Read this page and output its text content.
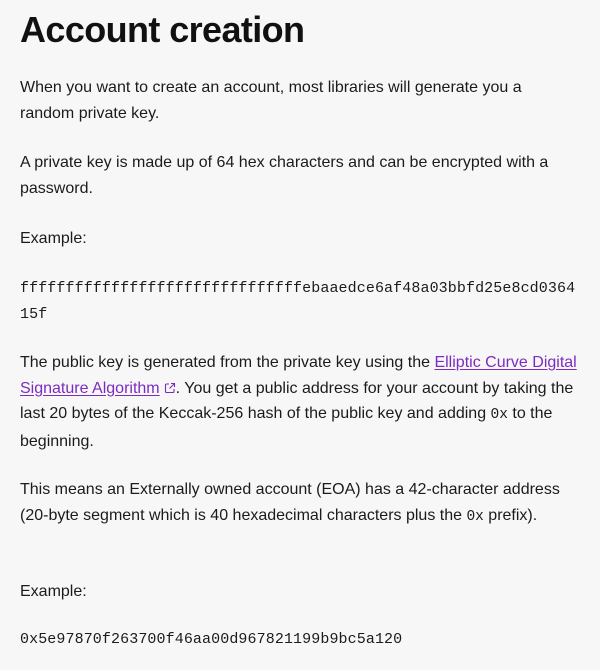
Account creation

When you want to create an account, most libraries will generate you a random private key.

A private key is made up of 64 hex characters and can be encrypted with a password.

Example:

fffffffffffffffffffffffffffffffebaaedce6af48a03bbfd25e8cd036415f

The public key is generated from the private key using the Elliptic Curve Digital Signature Algorithm . You get a public address for your account by taking the last 20 bytes of the Keccak-256 hash of the public key and adding 0x to the beginning.

This means an Externally owned account (EOA) has a 42-character address (20-byte segment which is 40 hexadecimal characters plus the 0x prefix).

Example:

0x5e97870f263700f46aa00d967821199b9bc5a120
